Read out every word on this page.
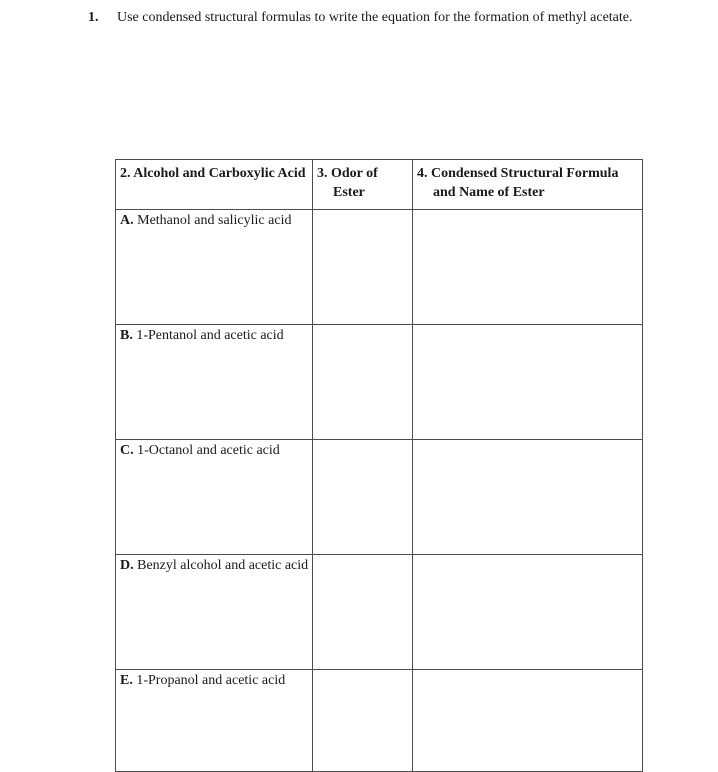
1. Use condensed structural formulas to write the equation for the formation of methyl acetate.
2. Alcohol and Carboxylic Acid	3. Odor of Ester	4. Condensed Structural Formula and Name of Ester

A. Methanol and salicylic acid		

B. 1-Pentanol and acetic acid		

C. 1-Octanol and acetic acid		

D. Benzyl alcohol and acetic acid		

E. 1-Propanol and acetic acid		
